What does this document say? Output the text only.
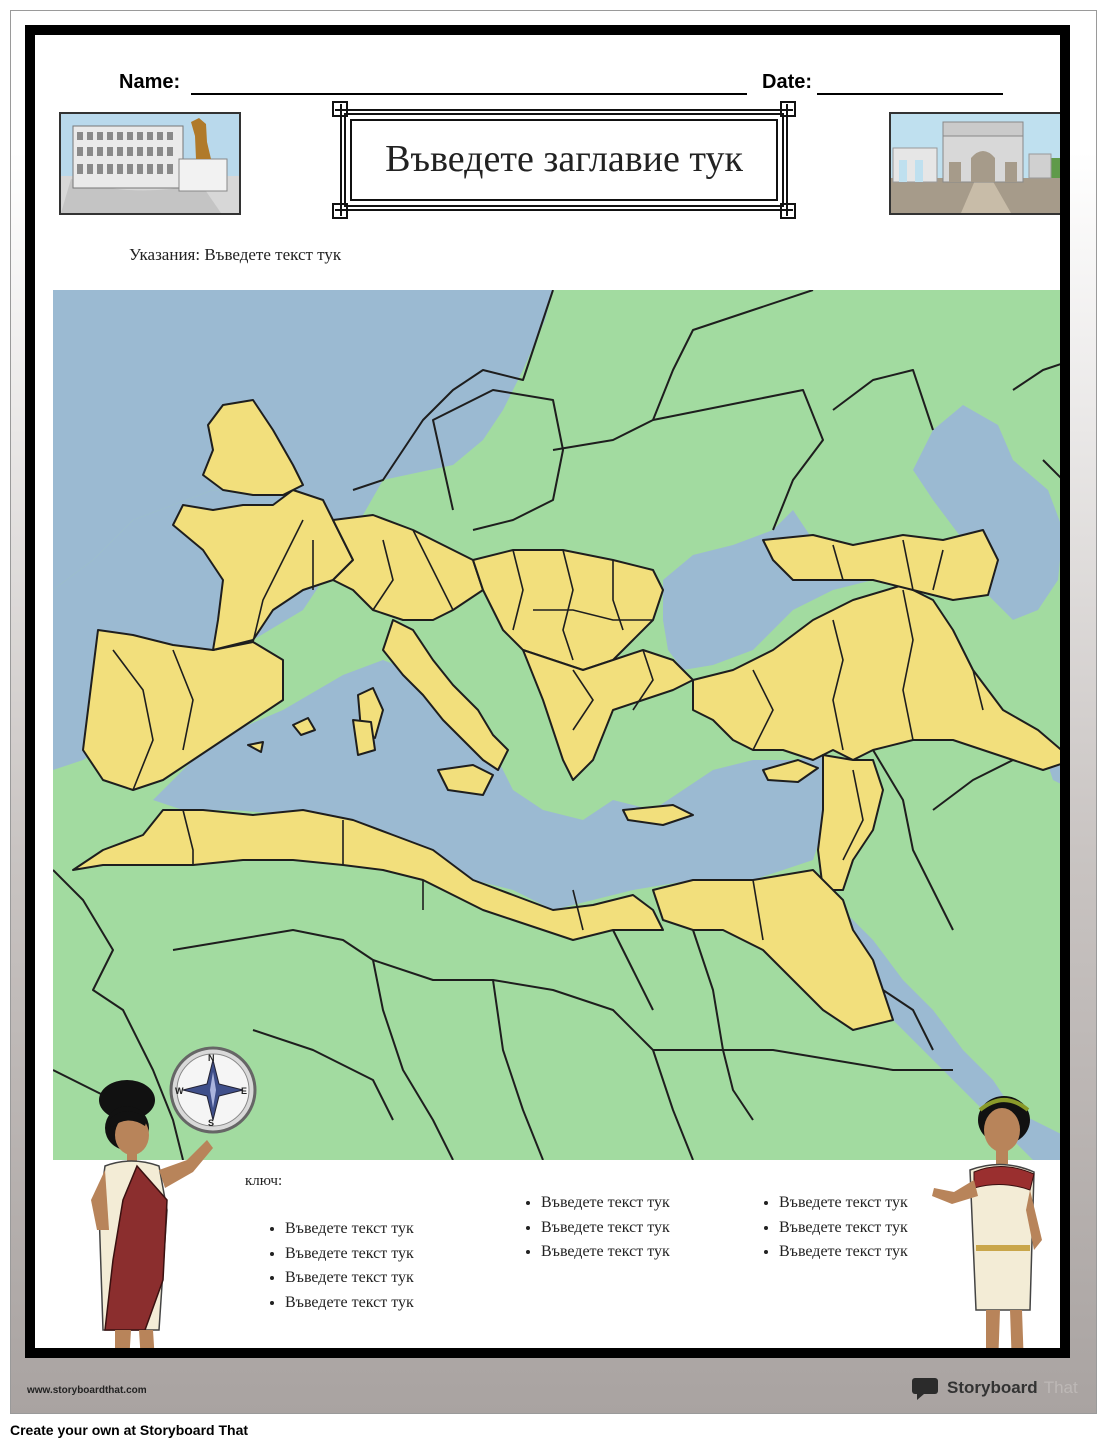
Name:	Date:
Въведете заглавие тук
Указания: Въведете текст тук
N
S
E
W
ключ:
• Въведете текст тук
• Въведете текст тук
• Въведете текст тук
• Въведете текст тук
• Въведете текст тук
• Въведете текст тук
• Въведете текст тук
• Въведете текст тук
• Въведете текст тук
• Въведете текст тук
www.storyboardthat.com	Storyboard That
Create your own at Storyboard That
